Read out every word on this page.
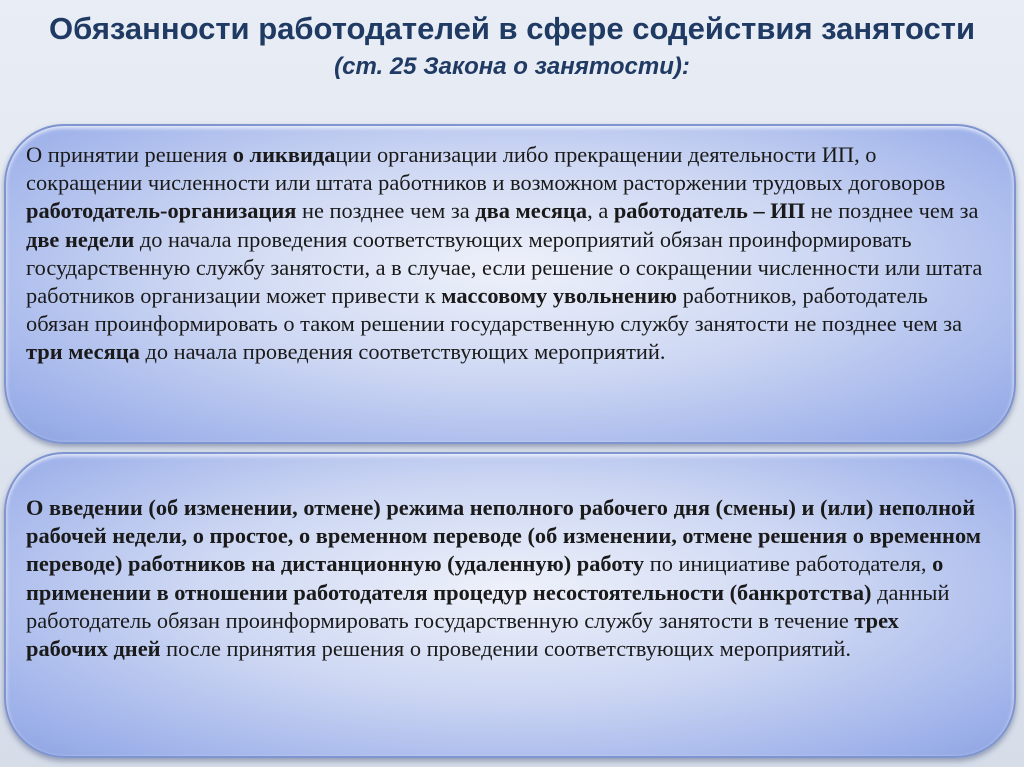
Обязанности работодателей в сфере содействия занятости
(ст. 25 Закона о занятости):

О принятии решения о ликвидации организации либо прекращении деятельности ИП, о сокращении численности или штата работников и возможном расторжении трудовых договоров работодатель-организация не позднее чем за два месяца, а работодатель – ИП не позднее чем за две недели до начала проведения соответствующих мероприятий обязан проинформировать государственную службу занятости, а в случае, если решение о сокращении численности или штата работников организации может привести к массовому увольнению работников, работодатель обязан проинформировать о таком решении государственную службу занятости не позднее чем за три месяца до начала проведения соответствующих мероприятий.

О введении (об изменении, отмене) режима неполного рабочего дня (смены) и (или) неполной рабочей недели, о простое, о временном переводе (об изменении, отмене решения о временном переводе) работников на дистанционную (удаленную) работу по инициативе работодателя, о применении в отношении работодателя процедур несостоятельности (банкротства) данный работодатель обязан проинформировать государственную службу занятости в течение трех рабочих дней после принятия решения о проведении соответствующих мероприятий.
